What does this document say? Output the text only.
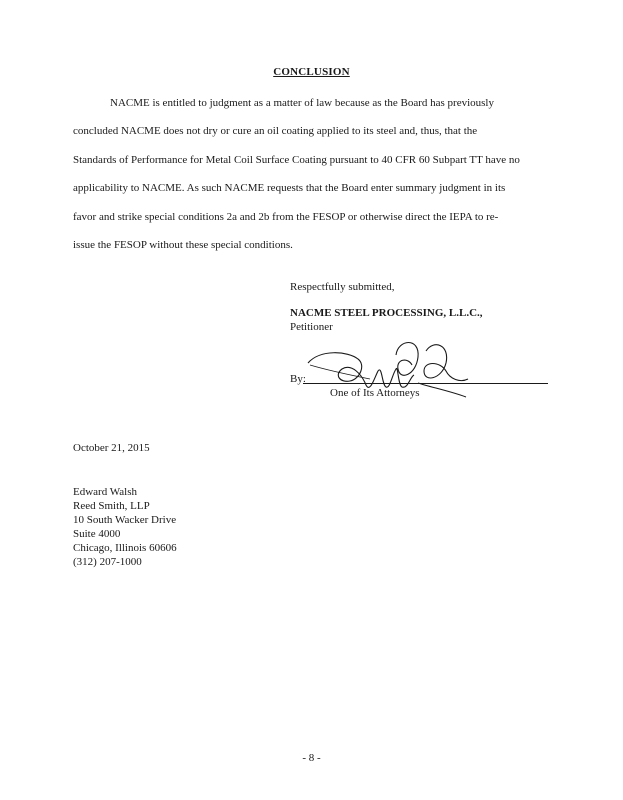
CONCLUSION
NACME is entitled to judgment as a matter of law because as the Board has previously
concluded NACME does not dry or cure an oil coating applied to its steel and, thus, that the
Standards of Performance for Metal Coil Surface Coating pursuant to 40 CFR 60 Subpart TT have no
applicability to NACME. As such NACME requests that the Board enter summary judgment in its
favor and strike special conditions 2a and 2b from the FESOP or otherwise direct the IEPA to re-
issue the FESOP without these special conditions.
Respectfully submitted,
NACME STEEL PROCESSING, L.L.C.,
Petitioner
By:
One of Its Attorneys
October 21, 2015
Edward Walsh
Reed Smith, LLP
10 South Wacker Drive
Suite 4000
Chicago, Illinois 60606
(312) 207-1000
- 8 -
